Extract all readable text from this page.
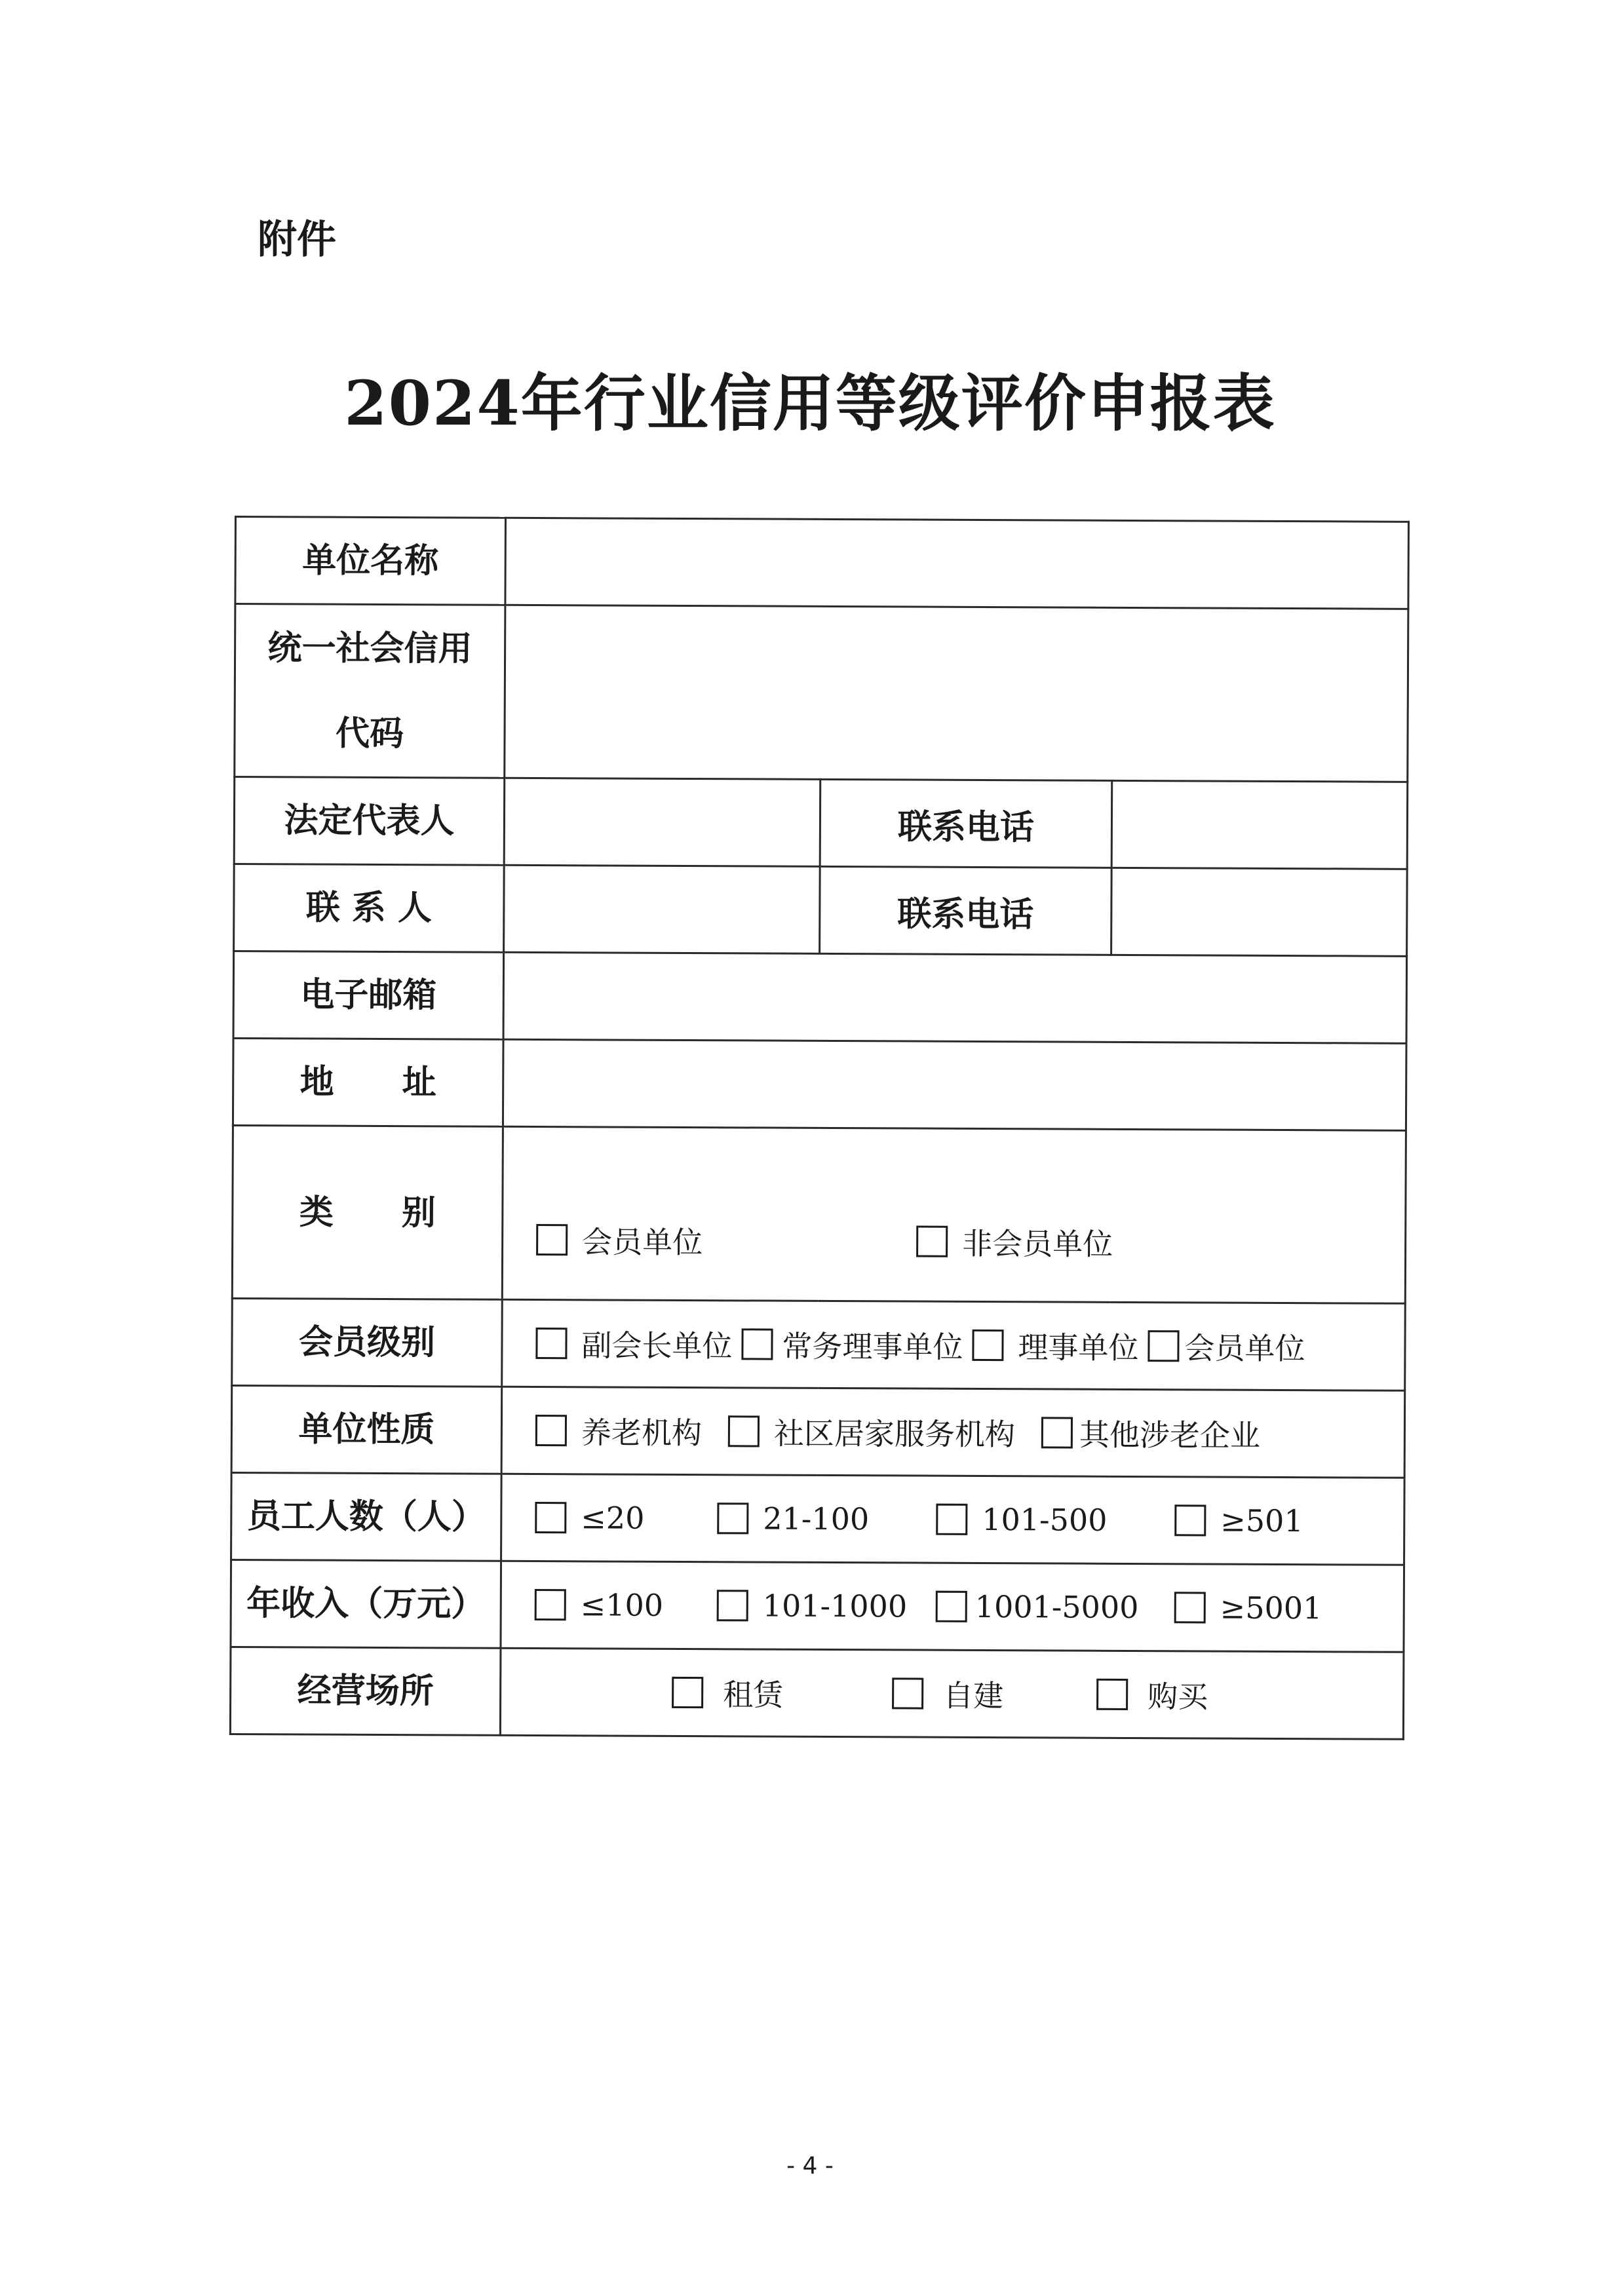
附件
2024年行业信用等级评价申报表
单位名称			

统一社会信用
代码			

法定代表人		联系电话	
联 系 人		联系电话	
电子邮箱			
地　　址			
类　　别	会员单位 非会员单位		

会员级别	副会长单位 常务理事单位 理事单位 会员单位		

单位性质	养老机构 社区居家服务机构 其他涉老企业		

员工人数（人）	≤20 21-100 101-500 ≥501		

年收入（万元）	≤100 101-1000 1001-5000 ≥5001		

经营场所	租赁 自建 购买		
- 4 -
